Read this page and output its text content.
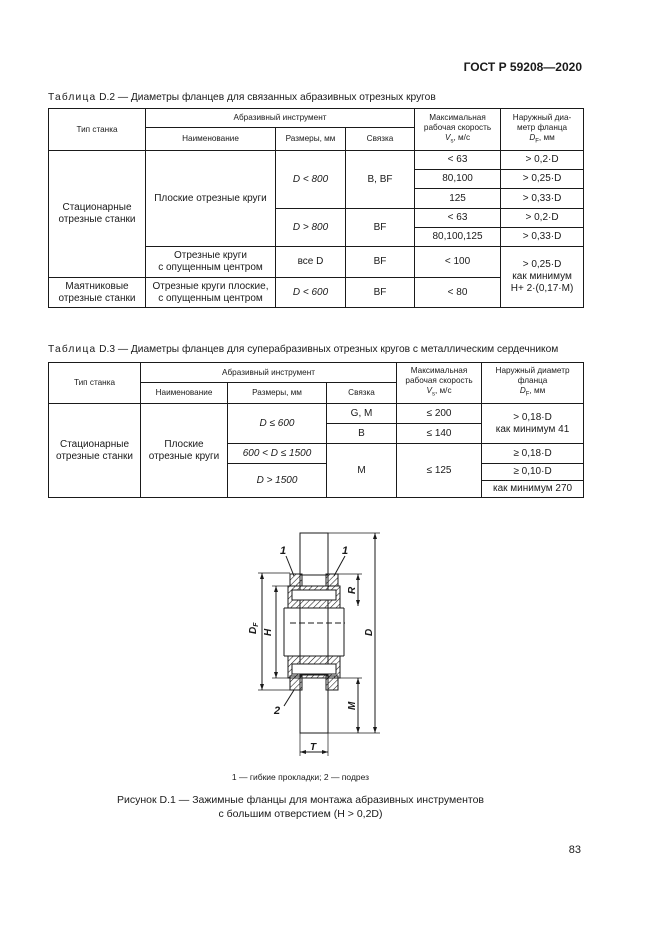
ГОСТ Р 59208—2020
Таблица D.2 — Диаметры фланцев для связанных абразивных отрезных кругов
Тип станка	Абразивный инструмент			Максимальная
рабочая скорость
$V_s$, м/с	Наружный диа-
метр фланца
$D_F$, мм
	Наименование	Размеры, мм	Связка		
Стационарные
отрезные станки	Плоские отрезные круги	D < 800	B, BF	< 63	> 0,2·D
				80,100	> 0,25·D
				125	> 0,33·D
		D > 800	BF	< 63	> 0,2·D
				80,100,125	> 0,33·D
	Отрезные круги
с опущенным центром	все D	BF	< 100	> 0,25·D
как минимум
H+ 2·(0,17·M)
Маятниковые
отрезные станки	Отрезные круги плоские,
с опущенным центром	D < 600	BF	< 80	
Таблица D.3 — Диаметры фланцев для суперабразивных отрезных кругов с металлическим сердечником
Тип станка	Абразивный инструмент			Максимальная
рабочая скорость
$V_s$, м/с	Наружный диаметр
фланца
$D_F$, мм
	Наименование	Размеры, мм	Связка		
Стационарные
отрезные станки	Плоские
отрезные круги	D ≤ 600	G, M	≤ 200	> 0,18·D
как минимум 41
			B	≤ 140	
		600 < D ≤ 1500	M	≤ 125	≥ 0,18·D
		D > 1500			≥ 0,10·D
					как минимум 270
1	1
2
$D_F$
H	D
R
M
T
1 — гибкие прокладки; 2 — подрез
Рисунок D.1 — Зажимные фланцы для монтажа абразивных инструментов
с большим отверстием (H > 0,2D)
83
